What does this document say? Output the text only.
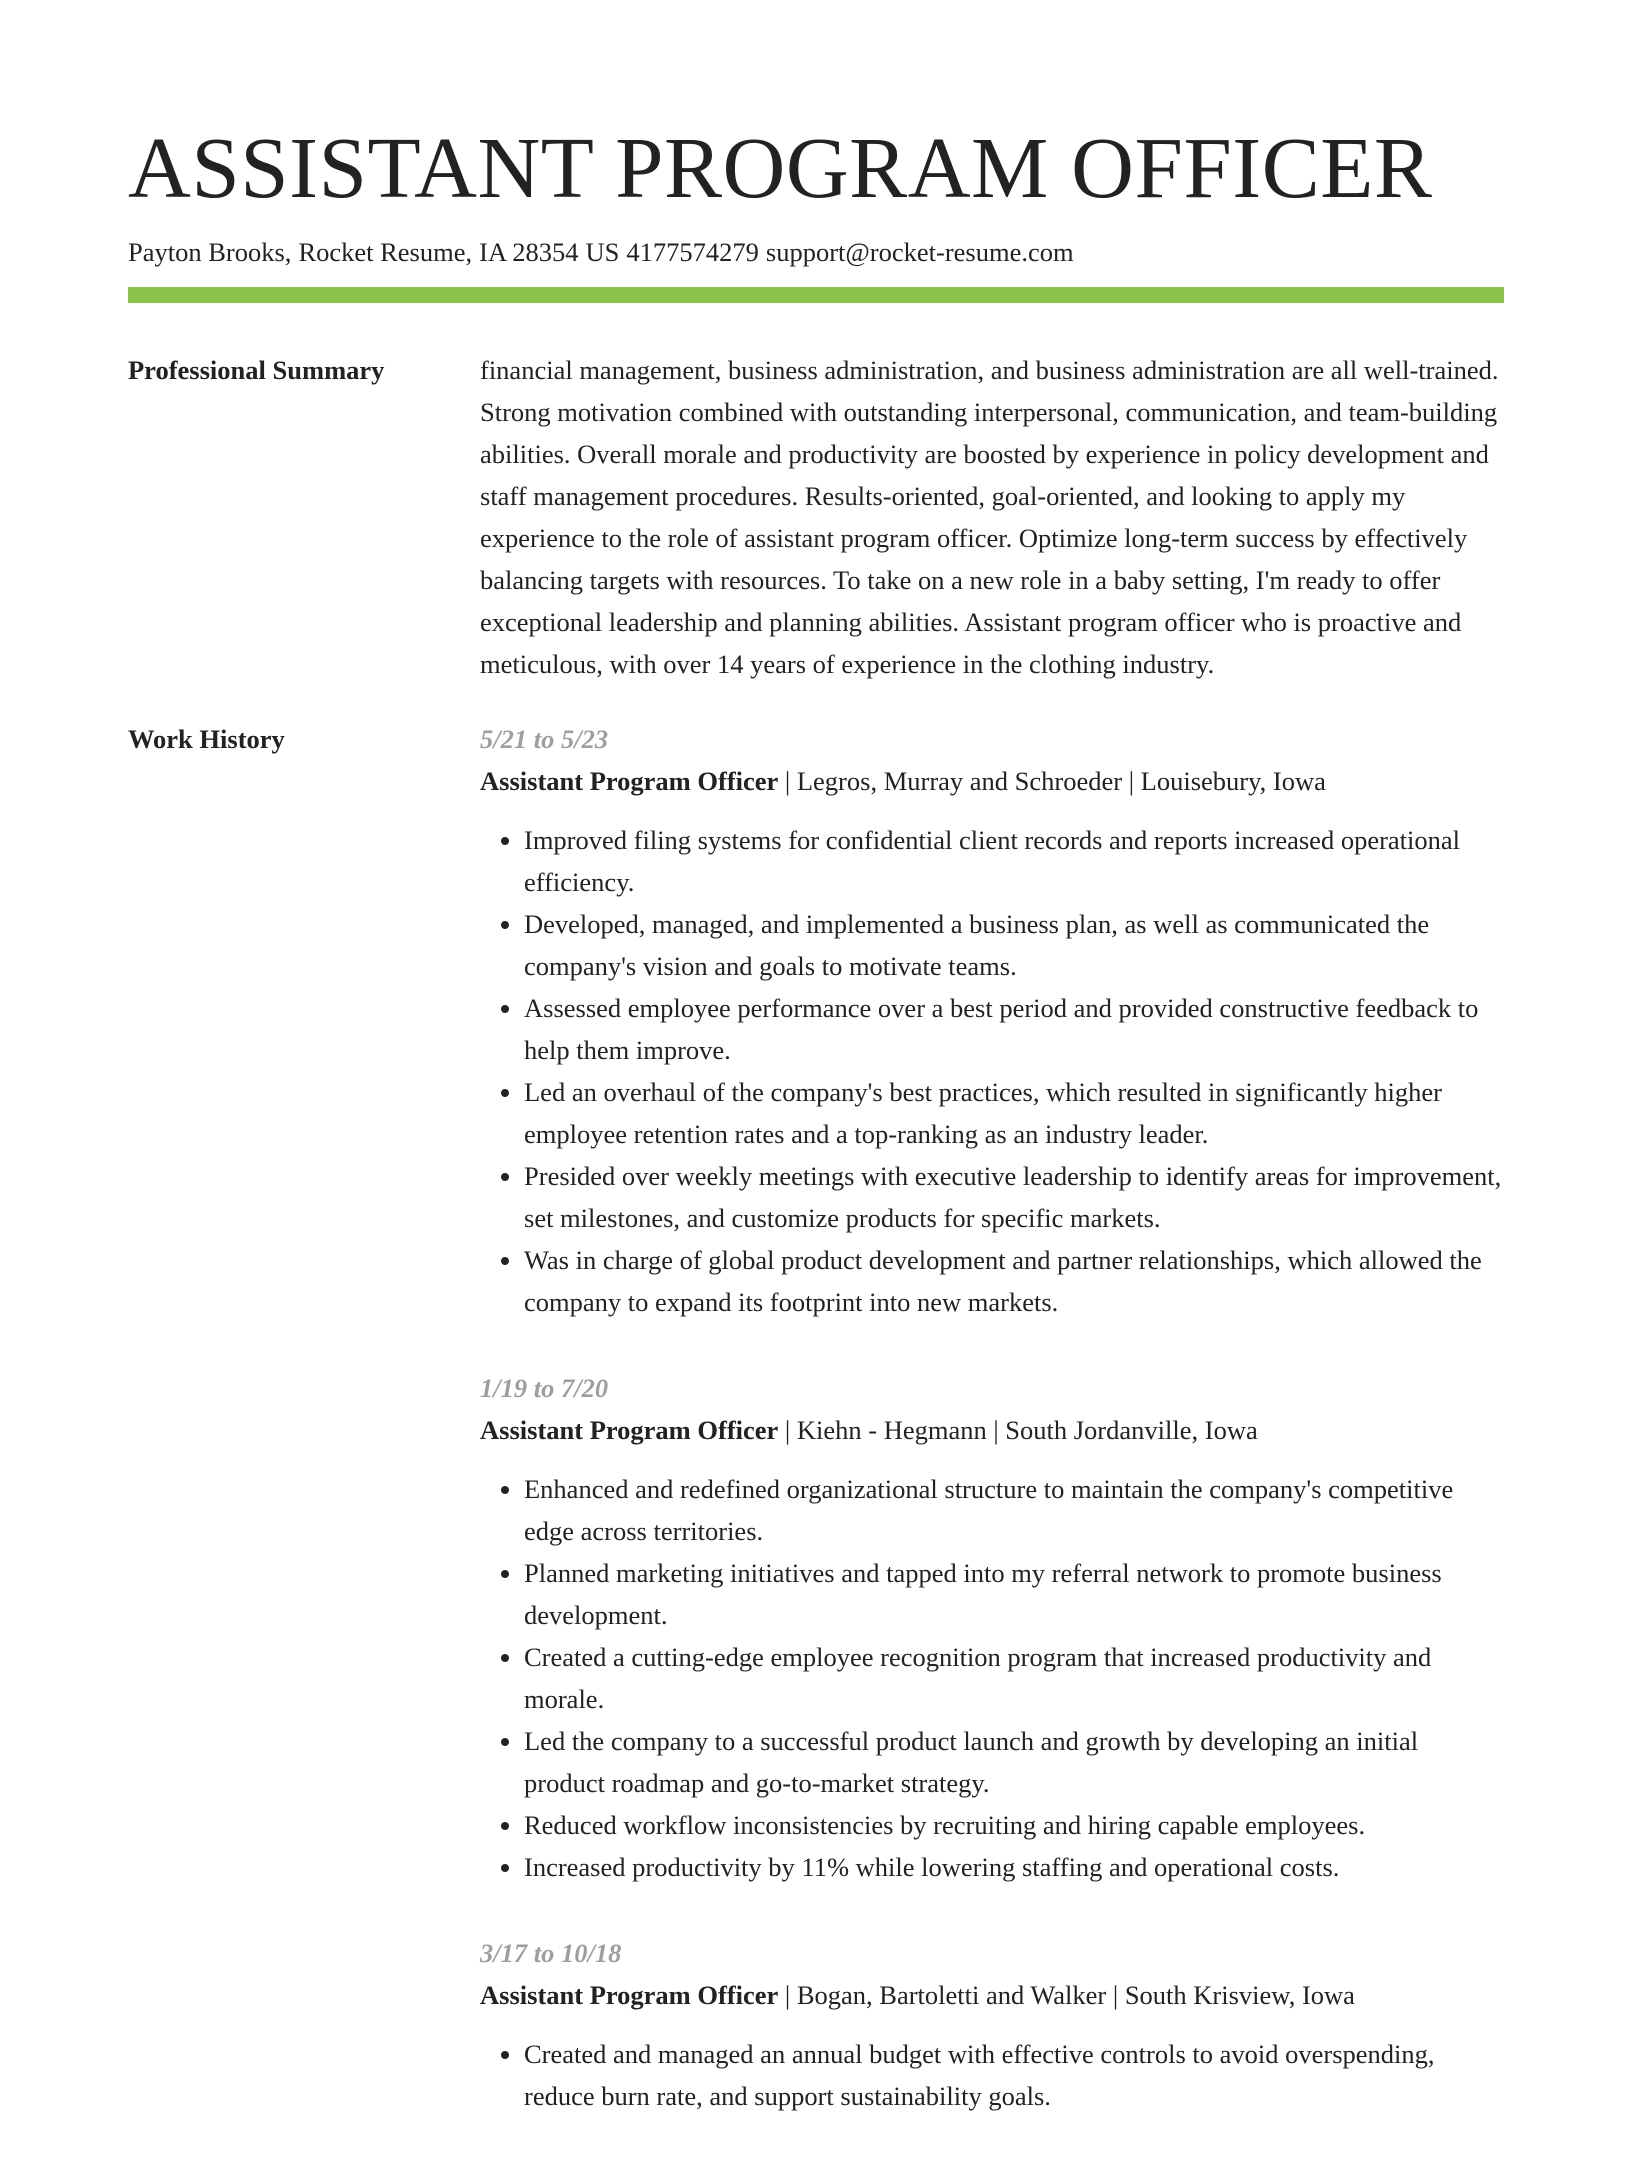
ASSISTANT PROGRAM OFFICER
Payton Brooks, Rocket Resume, IA 28354 US 4177574279 support@rocket-resume.com
Professional Summary	financial management, business administration, and business administration are all well-trained. Strong motivation combined with outstanding interpersonal, communication, and team-building abilities. Overall morale and productivity are boosted by experience in policy development and staff management procedures. Results-oriented, goal-oriented, and looking to apply my experience to the role of assistant program officer. Optimize long-term success by effectively balancing targets with resources. To take on a new role in a baby setting, I'm ready to offer exceptional leadership and planning abilities. Assistant program officer who is proactive and meticulous, with over 14 years of experience in the clothing industry.

Work History	5/21 to 5/23
Assistant Program Officer | Legros, Murray and Schroeder | Louisebury, Iowa
• Improved filing systems for confidential client records and reports increased operational efficiency.
• Developed, managed, and implemented a business plan, as well as communicated the company's vision and goals to motivate teams.
• Assessed employee performance over a best period and provided constructive feedback to help them improve.
• Led an overhaul of the company's best practices, which resulted in significantly higher employee retention rates and a top-ranking as an industry leader.
• Presided over weekly meetings with executive leadership to identify areas for improvement, set milestones, and customize products for specific markets.
• Was in charge of global product development and partner relationships, which allowed the company to expand its footprint into new markets.
1/19 to 7/20
Assistant Program Officer | Kiehn - Hegmann | South Jordanville, Iowa
• Enhanced and redefined organizational structure to maintain the company's competitive edge across territories.
• Planned marketing initiatives and tapped into my referral network to promote business development.
• Created a cutting-edge employee recognition program that increased productivity and morale.
• Led the company to a successful product launch and growth by developing an initial product roadmap and go-to-market strategy.
• Reduced workflow inconsistencies by recruiting and hiring capable employees.
• Increased productivity by 11% while lowering staffing and operational costs.
3/17 to 10/18
Assistant Program Officer | Bogan, Bartoletti and Walker | South Krisview, Iowa
• Created and managed an annual budget with effective controls to avoid overspending, reduce burn rate, and support sustainability goals.
